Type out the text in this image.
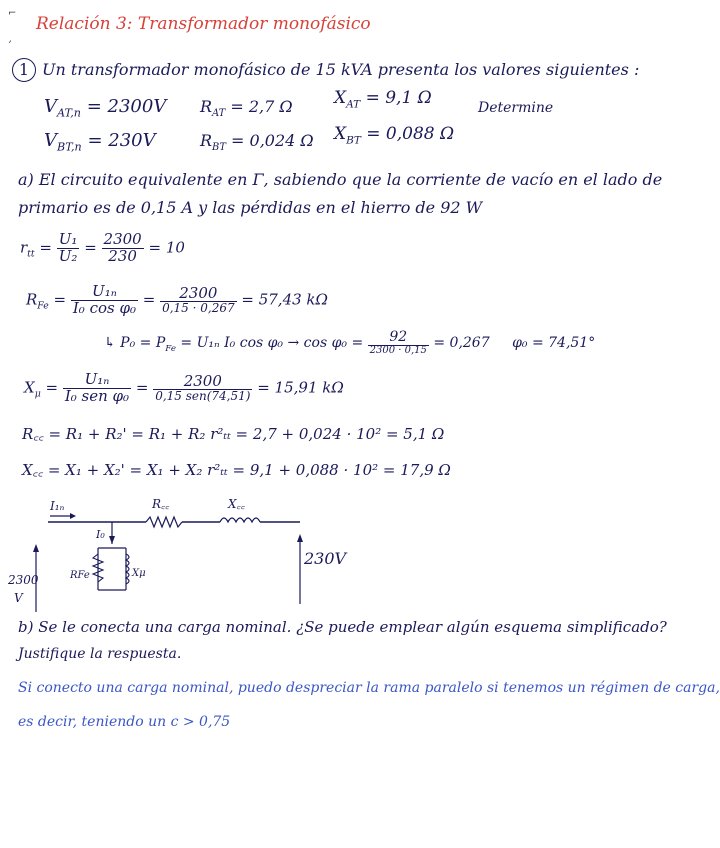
⌐
ʼ
Relación 3: Transformador monofásico
1 Un transformador monofásico de 15 kVA presenta los valores siguientes :
$V_{AT,n} = 2300V$
$V_{BT,n} = 230V$
$R_{AT} = 2,7$ Ω
$R_{BT} = 0,024$ Ω
$X_{AT} = 9,1$ Ω
$X_{BT} = 0,088$ Ω
Determine
a) El circuito equivalente en Γ, sabiendo que la corriente de vacío en el lado de
primario es de 0,15 A y las pérdidas en el hierro de 92 W
$r_{tt} = \frac{\text{U₁}}{\text{U₂}} = \frac{2300}{230} = 10$
$R_{Fe} = \frac{\text{U₁ₙ}}{\text{I₀ cos φ₀}} = \frac{2300}{0,15 \cdot 0,267} = 57,43$ kΩ
↳ $P_0 = P_{Fe} = U_{1n}$ I₀ $\cos \varphi_0 \to \cos \varphi_0 = \frac{92}{2300 \cdot 0,15} = 0,267$ φ₀ = 74,51°
$X_\mu = \frac{\text{U₁ₙ}}{\text{I₀ sen φ₀}} = \frac{2300}{\text{0,15 sen(74,51)}} = 15,91$ kΩ
R꜀꜀ = R₁ + R₂' = R₁ + R₂ r²ₜₜ = 2,7 + 0,024 · 10² = 5,1 Ω
X꜀꜀ = X₁ + X₂' = X₁ + X₂ r²ₜₜ = 9,1 + 0,088 · 10² = 17,9 Ω
I₁ₙ	R꜀꜀	X꜀꜀
I₀
RFe	Xμ
2300
V
230V
b) Se le conecta una carga nominal. ¿Se puede emplear algún esquema simplificado?
Justifique la respuesta.
Si conecto una carga nominal, puedo despreciar la rama paralelo si tenemos un régimen de carga,
es decir, teniendo un c > 0,75
